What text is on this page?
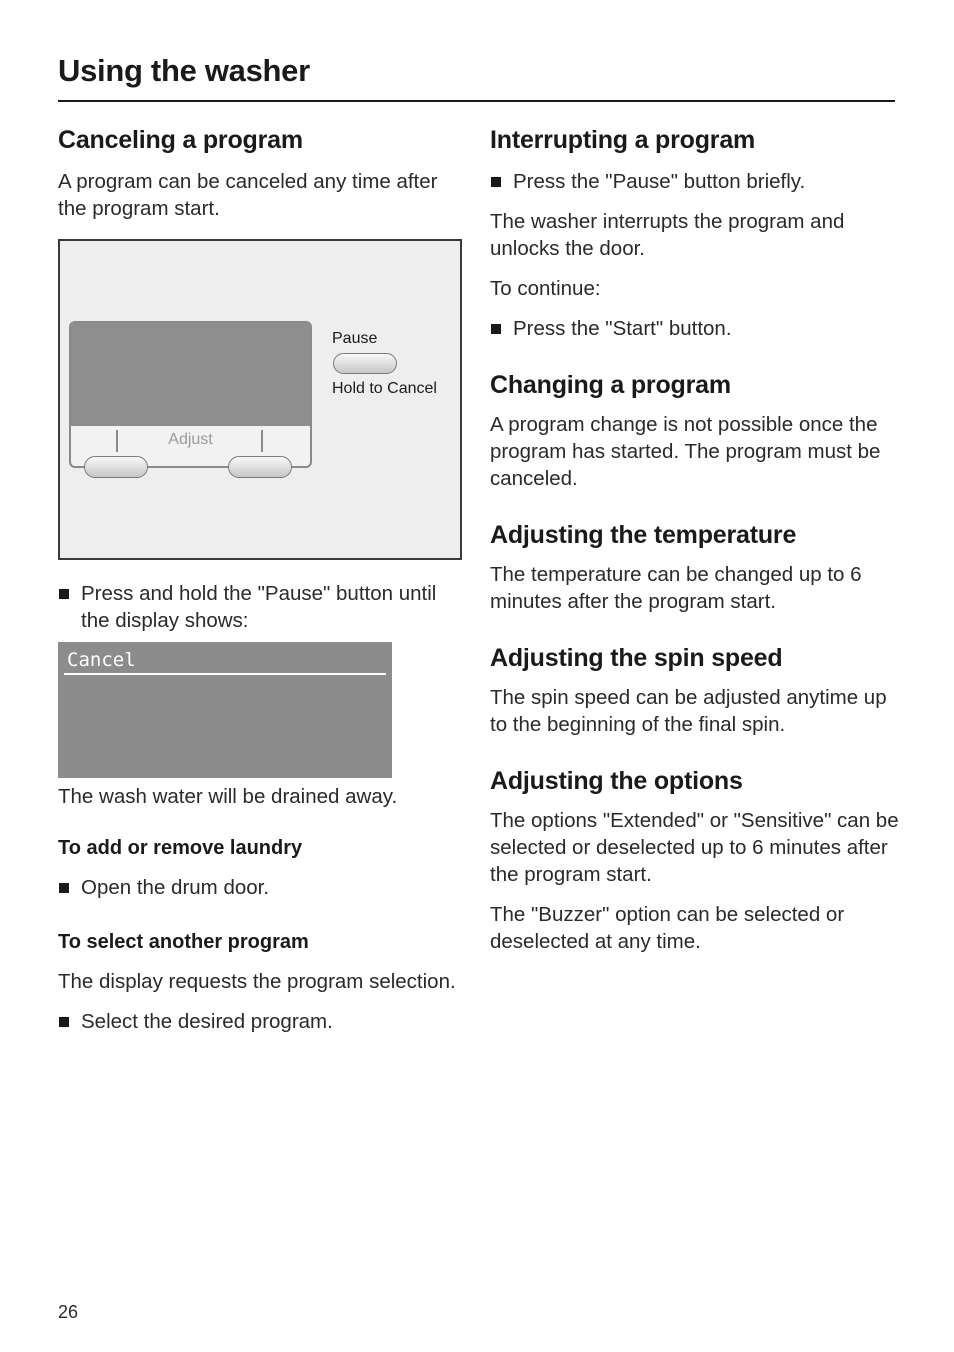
Using the washer
Canceling a program

A program can be canceled any time after the program start.

Adjust
Pause
Hold to Cancel
Press and hold the "Pause" button until the display shows:
Cancel

The wash water will be drained away.

To add or remove laundry
Open the drum door.
To select another program

The display requests the program selection.

Select the desired program.
Interrupting a program
Press the "Pause" button briefly.

The washer interrupts the program and unlocks the door.

To continue:

Press the "Start" button.
Changing a program

A program change is not possible once the program has started. The program must be canceled.

Adjusting the temperature

The temperature can be changed up to 6 minutes after the program start.

Adjusting the spin speed

The spin speed can be adjusted anytime up to the beginning of the final spin.

Adjusting the options

The options "Extended" or "Sensitive" can be selected or deselected up to 6 minutes after the program start.

The "Buzzer" option can be selected or deselected at any time.

26
